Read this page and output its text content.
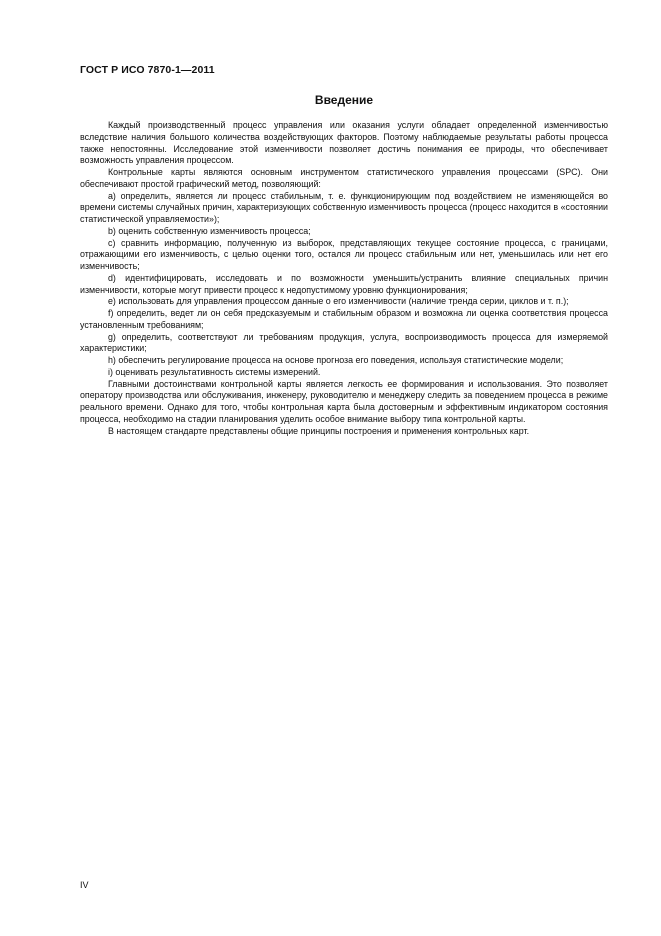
ГОСТ Р ИСО 7870-1—2011
Введение

Каждый производственный процесс управления или оказания услуги обладает определенной изменчивостью вследствие наличия большого количества воздействующих факторов. Поэтому наблюдаемые результаты работы процесса также непостоянны. Исследование этой изменчивости позволяет достичь понимания ее природы, что обеспечивает возможность управления процессом.

Контрольные карты являются основным инструментом статистического управления процессами (SPC). Они обеспечивают простой графический метод, позволяющий:

a) определить, является ли процесс стабильным, т. е. функционирующим под воздействием не изменяющейся во времени системы случайных причин, характеризующих собственную изменчивость процесса (процесс находится в «состоянии статистической управляемости»);

b) оценить собственную изменчивость процесса;

c) сравнить информацию, полученную из выборок, представляющих текущее состояние процесса, с границами, отражающими его изменчивость, с целью оценки того, остался ли процесс стабильным или нет, уменьшилась или нет его изменчивость;

d) идентифицировать, исследовать и по возможности уменьшить/устранить влияние специальных причин изменчивости, которые могут привести процесс к недопустимому уровню функционирования;

e) использовать для управления процессом данные о его изменчивости (наличие тренда серии, циклов и т. п.);

f) определить, ведет ли он себя предсказуемым и стабильным образом и возможна ли оценка соответствия процесса установленным требованиям;

g) определить, соответствуют ли требованиям продукция, услуга, воспроизводимость процесса для измеряемой характеристики;

h) обеспечить регулирование процесса на основе прогноза его поведения, используя статистические модели;

i) оценивать результативность системы измерений.

Главными достоинствами контрольной карты является легкость ее формирования и использования. Это позволяет оператору производства или обслуживания, инженеру, руководителю и менеджеру следить за поведением процесса в режиме реального времени. Однако для того, чтобы контрольная карта была достоверным и эффективным индикатором состояния процесса, необходимо на стадии планирования уделить особое внимание выбору типа контрольной карты.

В настоящем стандарте представлены общие принципы построения и применения контрольных карт.

IV
